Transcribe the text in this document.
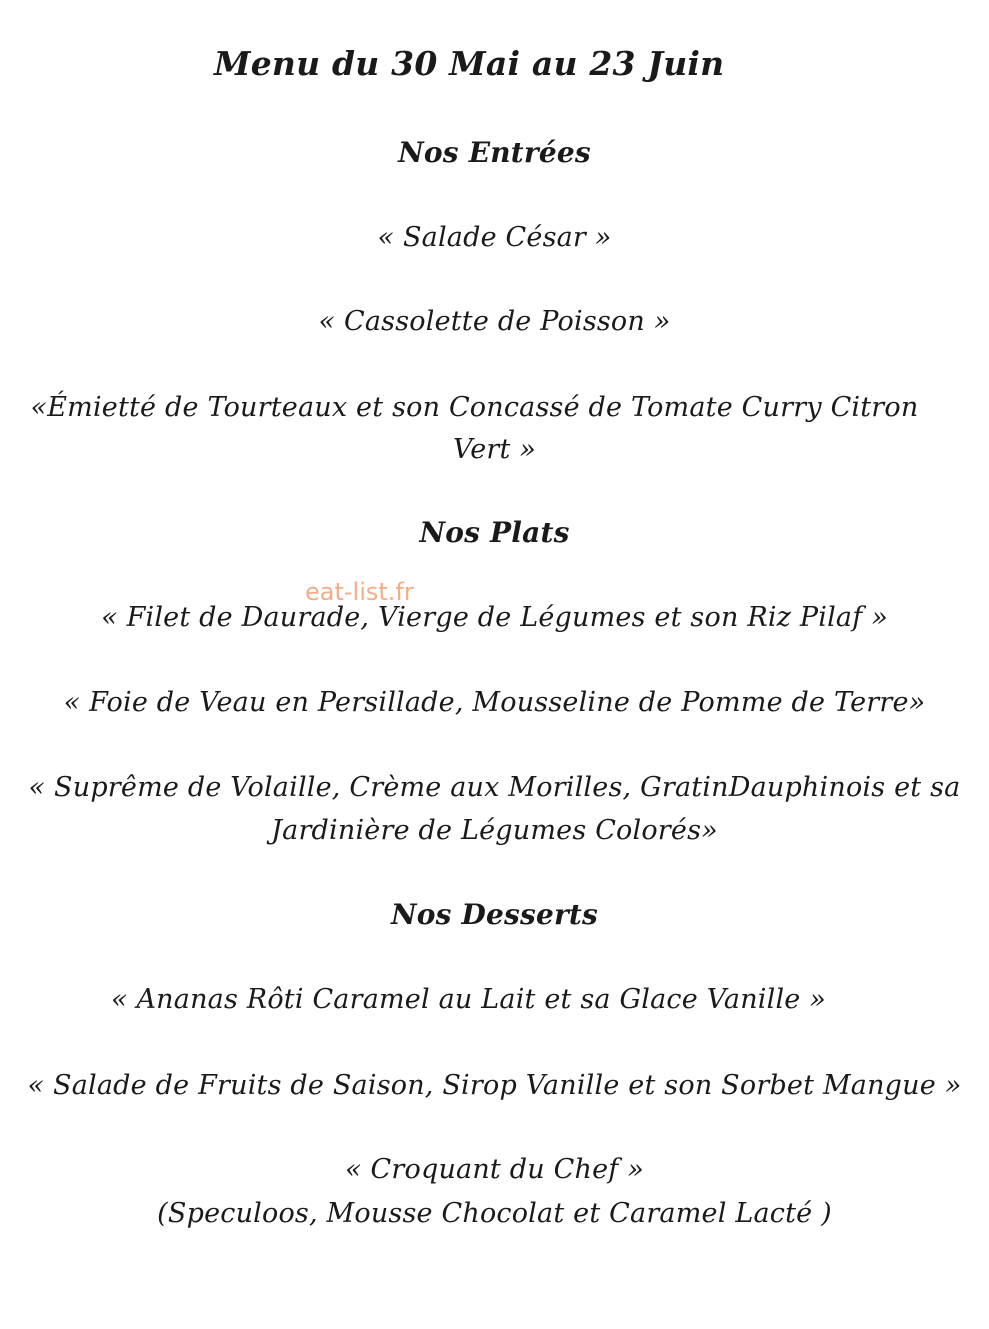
Menu du 30 Mai au 23 Juin
Nos Entrées
« Salade César »
« Cassolette de Poisson »
«Émietté de Tourteaux et son Concassé de Tomate Curry Citron
Vert »
Nos Plats
eat-list.fr
« Filet de Daurade, Vierge de Légumes et son Riz Pilaf »
« Foie de Veau en Persillade, Mousseline de Pomme de Terre»
« Suprême de Volaille, Crème aux Morilles, GratinDauphinois et sa
Jardinière de Légumes Colorés»
Nos Desserts
« Ananas Rôti Caramel au Lait et sa Glace Vanille »
« Salade de Fruits de Saison, Sirop Vanille et son Sorbet Mangue »
« Croquant du Chef »
(Speculoos, Mousse Chocolat et Caramel Lacté )
